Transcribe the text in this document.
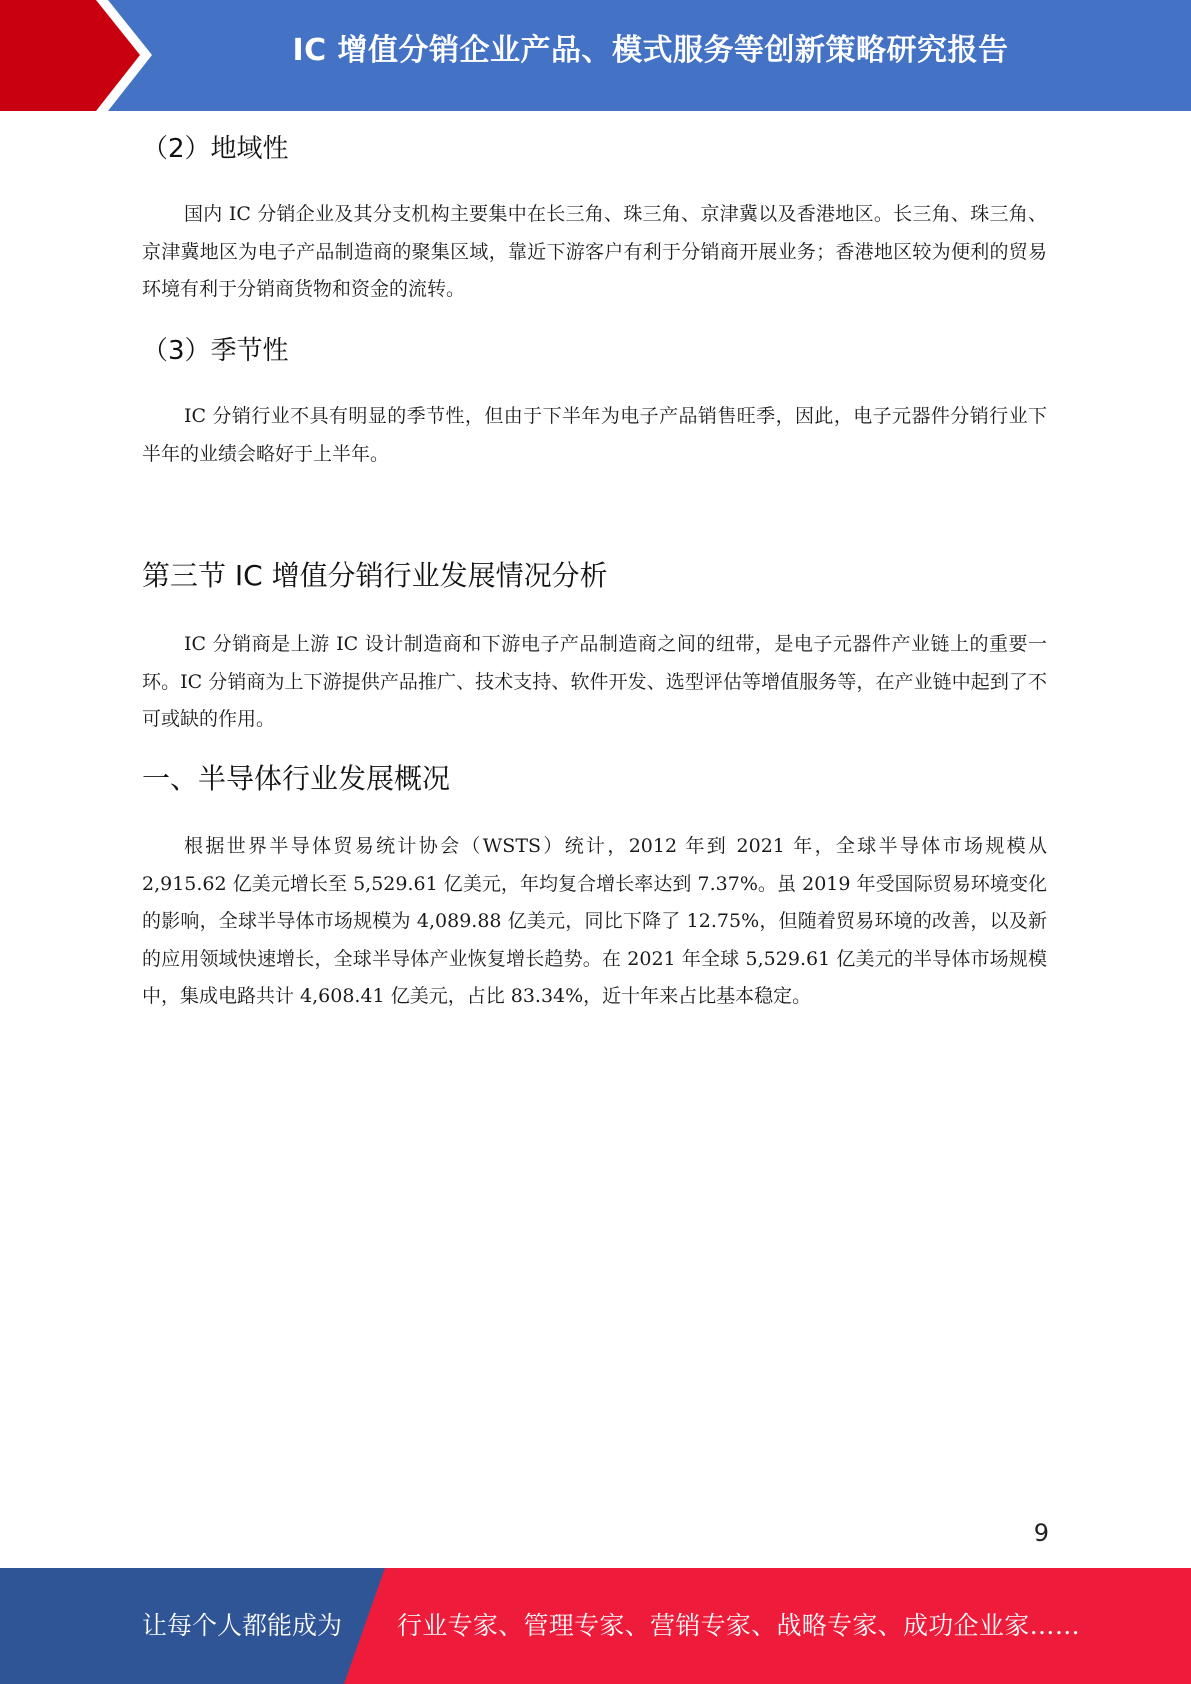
IC 增值分销企业产品、模式服务等创新策略研究报告
（2）地域性

国内 IC 分销企业及其分支机构主要集中在长三角、珠三角、京津冀以及香港地区。长三角、珠三角、京津冀地区为电子产品制造商的聚集区域，靠近下游客户有利于分销商开展业务；香港地区较为便利的贸易环境有利于分销商货物和资金的流转。

（3）季节性

IC 分销行业不具有明显的季节性，但由于下半年为电子产品销售旺季，因此，电子元器件分销行业下半年的业绩会略好于上半年。

第三节 IC 增值分销行业发展情况分析

IC 分销商是上游 IC 设计制造商和下游电子产品制造商之间的纽带，是电子元器件产业链上的重要一环。IC 分销商为上下游提供产品推广、技术支持、软件开发、选型评估等增值服务等，在产业链中起到了不可或缺的作用。

一、半导体行业发展概况

根据世界半导体贸易统计协会（WSTS）统计，2012 年到 2021 年，全球半导体市场规模从 2,915.62 亿美元增长至 5,529.61 亿美元，年均复合增长率达到 7.37%。虽 2019 年受国际贸易环境变化的影响，全球半导体市场规模为 4,089.88 亿美元，同比下降了 12.75%，但随着贸易环境的改善，以及新的应用领域快速增长，全球半导体产业恢复增长趋势。在 2021 年全球 5,529.61 亿美元的半导体市场规模中，集成电路共计 4,608.41 亿美元，占比 83.34%，近十年来占比基本稳定。

9
让每个人都能成为 行业专家、管理专家、营销专家、战略专家、成功企业家……
